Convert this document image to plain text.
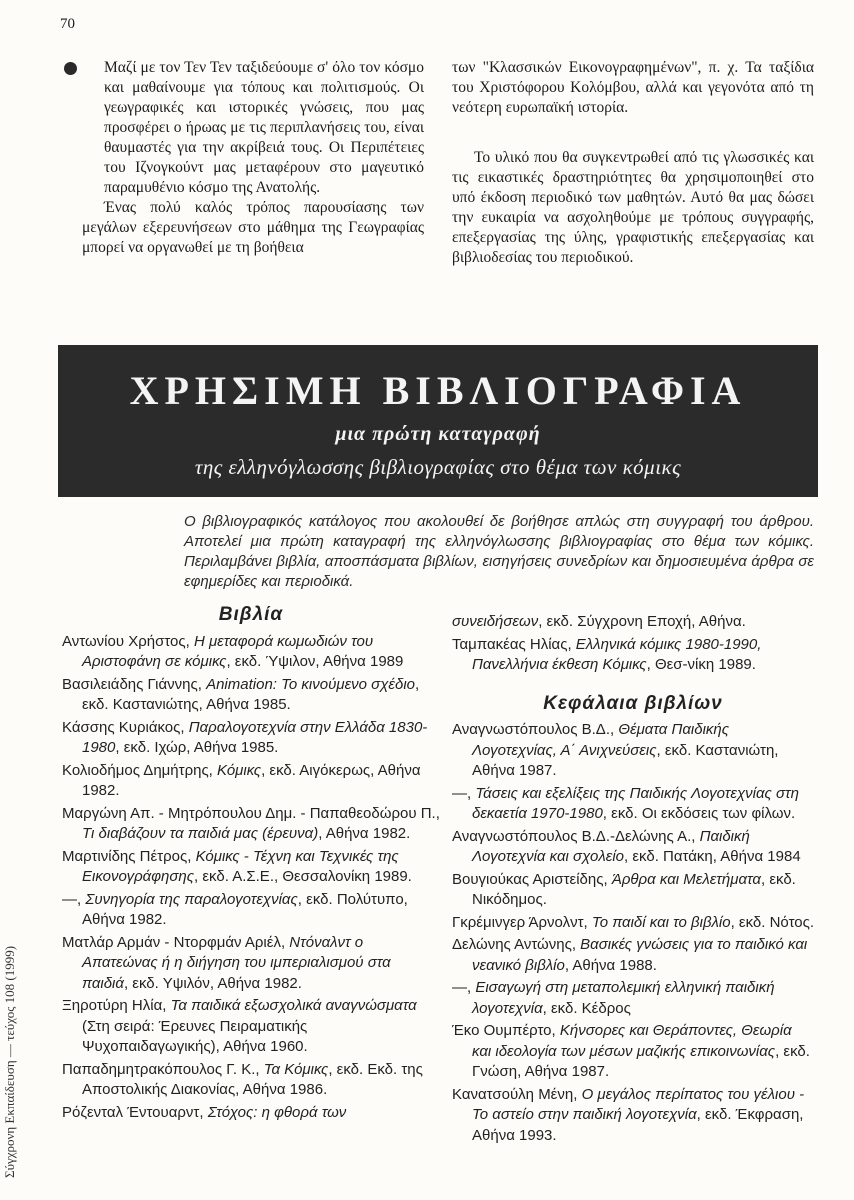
70

Μαζί με τον Τεν Τεν ταξιδεύουμε σ' όλο τον κόσμο και μαθαίνουμε για τόπους και πολιτισμούς. Οι γεωγραφικές και ιστορικές γνώσεις, που μας προσφέρει ο ήρωας με τις περιπλανήσεις του, είναι θαυμαστές για την ακρίβειά τους. Οι Περιπέτειες του Ιζνογκούντ μας μεταφέρουν στο μαγευτικό παραμυθένιο κόσμο της Ανατολής.

Ένας πολύ καλός τρόπος παρουσίασης των μεγάλων εξερευνήσεων στο μάθημα της Γεωγραφίας μπορεί να οργανωθεί με τη βοήθεια

των "Κλασσικών Εικονογραφημένων", π. χ. Τα ταξίδια του Χριστόφορου Κολόμβου, αλλά και γεγονότα από τη νεότερη ευρωπαϊκή ιστορία.

Το υλικό που θα συγκεντρωθεί από τις γλωσσικές και τις εικαστικές δραστηριότητες θα χρησιμοποιηθεί στο υπό έκδοση περιοδικό των μαθητών. Αυτό θα μας δώσει την ευκαιρία να ασχοληθούμε με τρόπους συγγραφής, επεξεργασίας της ύλης, γραφιστικής επεξεργασίας και βιβλιοδεσίας του περιοδικού.

ΧΡΗΣΙΜΗ ΒΙΒΛΙΟΓΡΑΦΙΑ
μια πρώτη καταγραφή
της ελληνόγλωσσης βιβλιογραφίας στο θέμα των κόμικς
Ο βιβλιογραφικός κατάλογος που ακολουθεί δε βοήθησε απλώς στη συγγραφή του άρθρου. Αποτελεί μια πρώτη καταγραφή της ελληνόγλωσσης βιβλιογραφίας στο θέμα των κόμικς. Περιλαμβάνει βιβλία, αποσπάσματα βιβλίων, εισηγήσεις συνεδρίων και δημοσιευμένα άρθρα σε εφημερίδες και περιοδικά.
Βιβλία
Αντωνίου Χρήστος, Η μεταφορά κωμωδιών του Αριστοφάνη σε κόμικς, εκδ. Ύψιλον, Αθήνα 1989
Βασιλειάδης Γιάννης, Animation: Το κινούμενο σχέδιο, εκδ. Καστανιώτης, Αθήνα 1985.
Κάσσης Κυριάκος, Παραλογοτεχνία στην Ελλάδα 1830-1980, εκδ. Ιχώρ, Αθήνα 1985.
Κολιοδήμος Δημήτρης, Κόμικς, εκδ. Αιγόκερως, Αθήνα 1982.
Μαργώνη Απ. - Μητρόπουλου Δημ. - Παπαθεοδώρου Π., Τι διαβάζουν τα παιδιά μας (έρευνα), Αθήνα 1982.
Μαρτινίδης Πέτρος, Κόμικς - Τέχνη και Τεχνικές της Εικονογράφησης, εκδ. Α.Σ.Ε., Θεσσαλονίκη 1989.
—, Συνηγορία της παραλογοτεχνίας, εκδ. Πολύτυπο, Αθήνα 1982.
Ματλάρ Αρμάν - Ντορφμάν Αριέλ, Ντόναλντ ο Απατεώνας ή η διήγηση του ιμπεριαλισμού στα παιδιά, εκδ. Υψιλόν, Αθήνα 1982.
Ξηροτύρη Ηλία, Τα παιδικά εξωσχολικά αναγνώσματα (Στη σειρά: Έρευνες Πειραματικής Ψυχοπαιδαγωγικής), Αθήνα 1960.
Παπαδημητρακόπουλος Γ. Κ., Τα Κόμικς, εκδ. Εκδ. της Αποστολικής Διακονίας, Αθήνα 1986.
Ρόζενταλ Έντουαρντ, Στόχος: η φθορά των
συνειδήσεων, εκδ. Σύγχρονη Εποχή, Αθήνα.
Ταμπακέας Ηλίας, Ελληνικά κόμικς 1980-1990, Πανελλήνια έκθεση Κόμικς, Θεσ-νίκη 1989.
Κεφάλαια βιβλίων
Αναγνωστόπουλος Β.Δ., Θέματα Παιδικής Λογοτεχνίας, Α΄ Ανιχνεύσεις, εκδ. Καστανιώτη, Αθήνα 1987.
—, Τάσεις και εξελίξεις της Παιδικής Λογοτεχνίας στη δεκαετία 1970-1980, εκδ. Οι εκδόσεις των φίλων.
Αναγνωστόπουλος Β.Δ.-Δελώνης Α., Παιδική Λογοτεχνία και σχολείο, εκδ. Πατάκη, Αθήνα 1984
Βουγιούκας Αριστείδης, Άρθρα και Μελετήματα, εκδ. Νικόδημος.
Γκρέμινγερ Άρνολντ, Το παιδί και το βιβλίο, εκδ. Νότος.
Δελώνης Αντώνης, Βασικές γνώσεις για το παιδικό και νεανικό βιβλίο, Αθήνα 1988.
—, Εισαγωγή στη μεταπολεμική ελληνική παιδική λογοτεχνία, εκδ. Κέδρος
Έκο Ουμπέρτο, Κήνσορες και Θεράποντες, Θεωρία και ιδεολογία των μέσων μαζικής επικοινωνίας, εκδ. Γνώση, Αθήνα 1987.
Κανατσούλη Μένη, Ο μεγάλος περίπατος του γέλιου - Το αστείο στην παιδική λογοτεχνία, εκδ. Έκφραση, Αθήνα 1993.
Σύγχρονη Εκπαίδευση — τεύχος 108 (1999)
